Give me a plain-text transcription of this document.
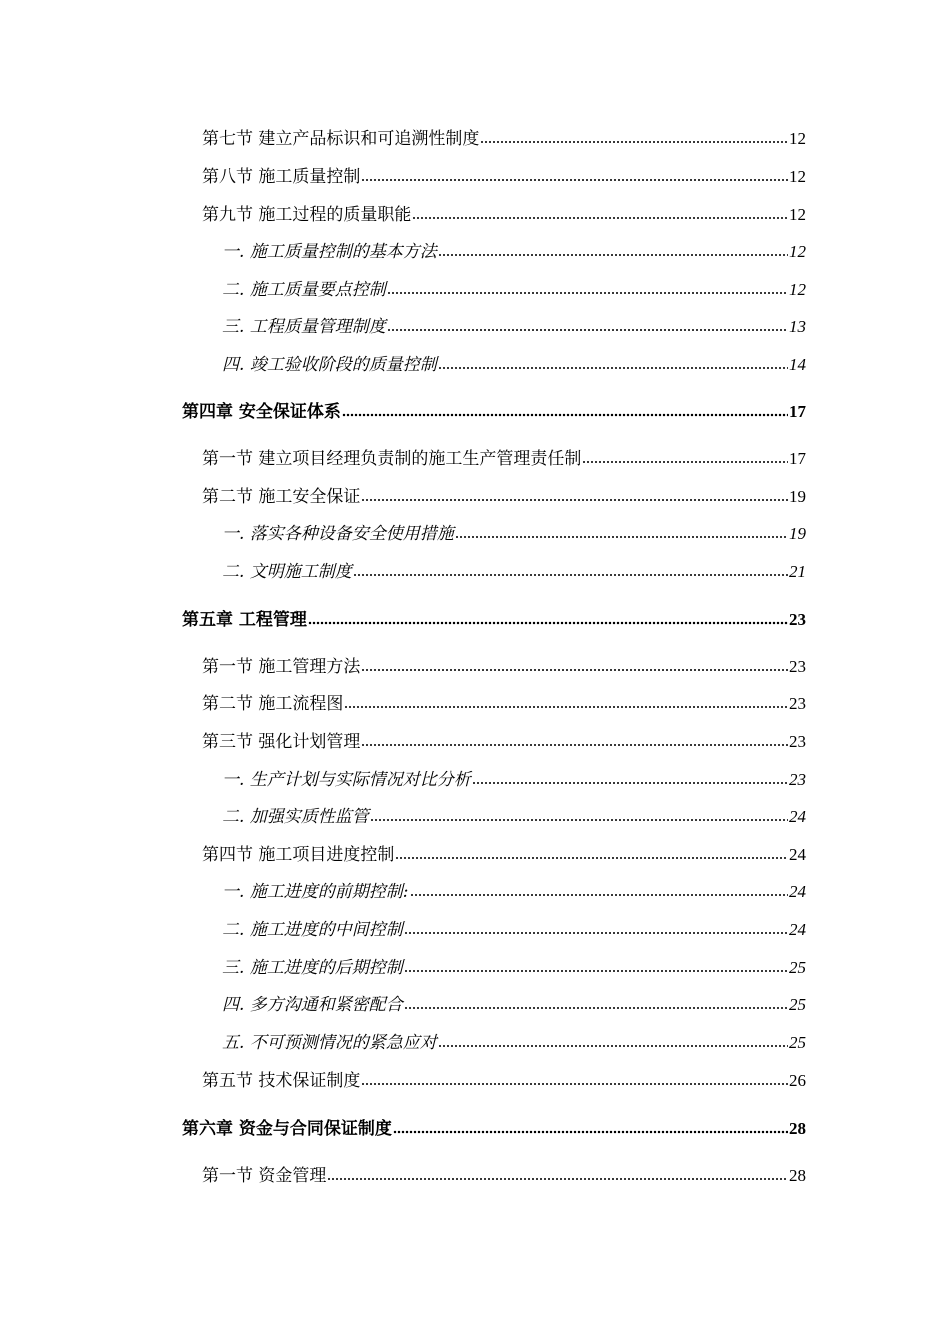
第七节 建立产品标识和可追溯性制度	12
第八节 施工质量控制	12
第九节 施工过程的质量职能	12
一. 施工质量控制的基本方法	12
二. 施工质量要点控制	12
三. 工程质量管理制度	13
四. 竣工验收阶段的质量控制	14
第四章 安全保证体系	17
第一节 建立项目经理负责制的施工生产管理责任制	17
第二节 施工安全保证	19
一. 落实各种设备安全使用措施	19
二. 文明施工制度	21
第五章 工程管理	23
第一节 施工管理方法	23
第二节 施工流程图	23
第三节 强化计划管理	23
一. 生产计划与实际情况对比分析	23
二. 加强实质性监管	24
第四节 施工项目进度控制	24
一. 施工进度的前期控制:	24
二. 施工进度的中间控制	24
三. 施工进度的后期控制	25
四. 多方沟通和紧密配合	25
五. 不可预测情况的紧急应对	25
第五节 技术保证制度	26
第六章 资金与合同保证制度	28
第一节 资金管理	28
